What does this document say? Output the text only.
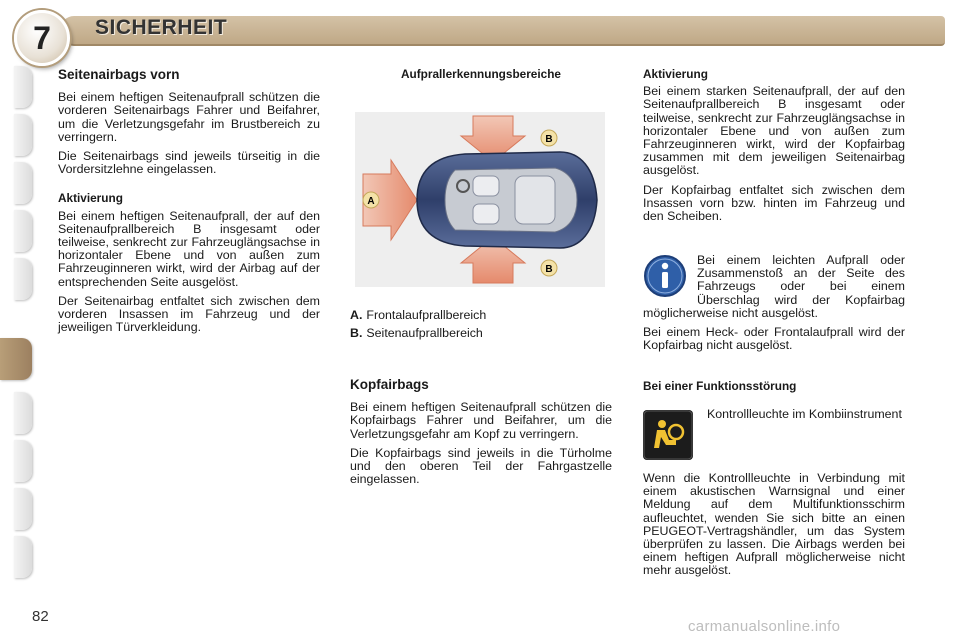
7	SICHERHEIT
Seitenairbags vorn

Bei einem heftigen Seitenaufprall schützen die vorderen Seitenairbags Fahrer und Beifahrer, um die Verletzungsgefahr im Brustbereich zu verringern.

Die Seitenairbags sind jeweils türseitig in die Vordersitzlehne eingelassen.

Aktivierung

Bei einem heftigen Seitenaufprall, der auf den Seitenaufprallbereich B insgesamt oder teilweise, senkrecht zur Fahrzeuglängsachse in horizontaler Ebene und von außen zum Fahrzeuginneren wirkt, wird der Airbag auf der entsprechenden Seite ausgelöst.

Der Seitenairbag entfaltet sich zwischen dem vorderen Insassen im Fahrzeug und der jeweiligen Türverkleidung.

Aufprallerkennungsbereiche
A
B
B
A. Frontalaufprallbereich
B. Seitenaufprallbereich
Kopfairbags

Bei einem heftigen Seitenaufprall schützen die Kopfairbags Fahrer und Beifahrer, um die Verletzungsgefahr am Kopf zu verringern.

Die Kopfairbags sind jeweils in die Türholme und den oberen Teil der Fahrgastzelle eingelassen.

Aktivierung

Bei einem starken Seitenaufprall, der auf den Seitenaufprallbereich B insgesamt oder teilweise, senkrecht zur Fahrzeuglängsachse in horizontaler Ebene und von außen zum Fahrzeuginneren wirkt, wird der Kopfairbag zusammen mit dem jeweiligen Seitenairbag ausgelöst.

Der Kopfairbag entfaltet sich zwischen dem Insassen vorn bzw. hinten im Fahrzeug und den Scheiben.

Bei einem leichten Aufprall oder Zusammenstoß an der Seite des Fahrzeugs oder bei einem Überschlag wird der Kopfairbag möglicherweise nicht ausgelöst.

Bei einem Heck- oder Frontalaufprall wird der Kopfairbag nicht ausgelöst.

Bei einer Funktionsstörung
Kontrollleuchte im Kombiinstrument

Wenn die Kontrollleuchte in Verbindung mit einem akustischen Warnsignal und einer Meldung auf dem Multifunktionsschirm aufleuchtet, wenden Sie sich bitte an einen PEUGEOT-Vertragshändler, um das System überprüfen zu lassen. Die Airbags werden bei einem heftigen Aufprall möglicherweise nicht mehr ausgelöst.

82
carmanualsonline.info
